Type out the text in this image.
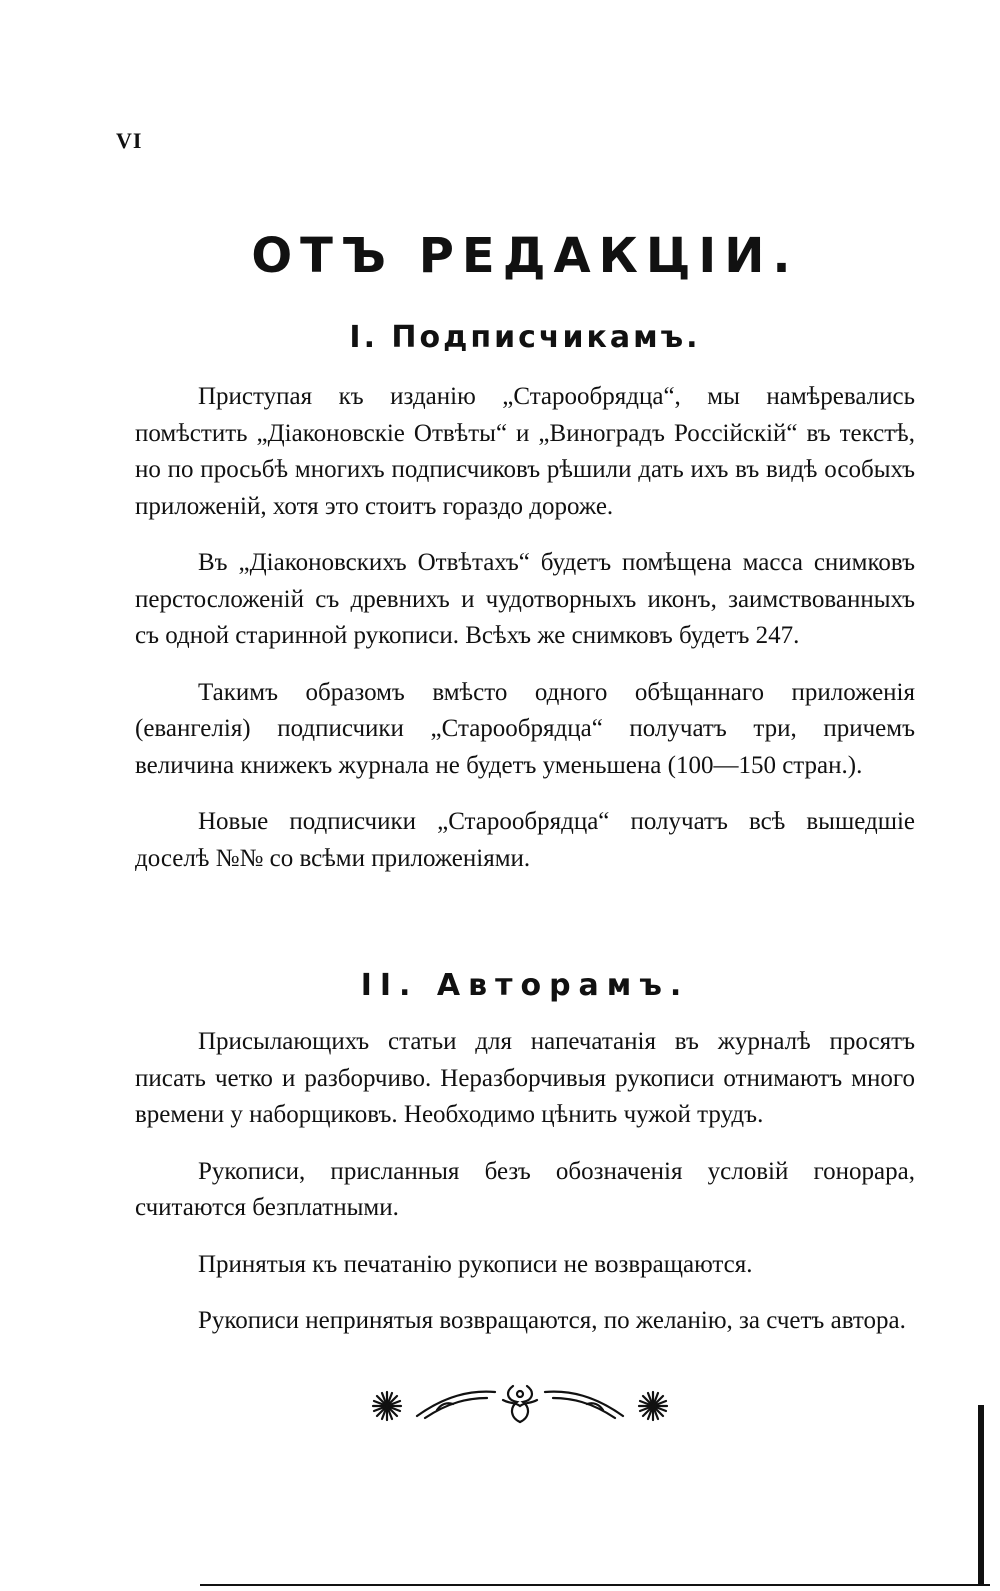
VI
ОТЪ РЕДАКЦIИ.
I. Подписчикамъ.

Приступая къ изданію „Старообрядца“, мы намѣревались помѣстить „Діаконовскіе Отвѣты“ и „Виноградъ Россійскій“ въ текстѣ, но по просьбѣ многихъ подписчиковъ рѣшили дать ихъ въ видѣ особыхъ приложеній, хотя это стоитъ гораздо дороже.

Въ „Діаконовскихъ Отвѣтахъ“ будетъ помѣщена масса снимковъ перстосложеній съ древнихъ и чудотворныхъ иконъ, заимствованныхъ съ одной старинной рукописи. Всѣхъ же снимковъ будетъ 247.

Такимъ образомъ вмѣсто одного обѣщаннаго приложенія (евангелія) подписчики „Старообрядца“ получатъ три, причемъ величина книжекъ журнала не будетъ уменьшена (100—150 стран.).

Новые подписчики „Старообрядца“ получатъ всѣ вышедшіе доселѣ №№ со всѣми приложеніями.

II. Авторамъ.

Присылающихъ статьи для напечатанія въ журналѣ просятъ писать четко и разборчиво. Неразборчивыя рукописи отнимаютъ много времени у наборщиковъ. Необходимо цѣнить чужой трудъ.

Рукописи, присланныя безъ обозначенія условій гонорара, считаются безплатными.

Принятыя къ печатанію рукописи не возвращаются.

Рукописи непринятыя возвращаются, по желанію, за счетъ автора.
